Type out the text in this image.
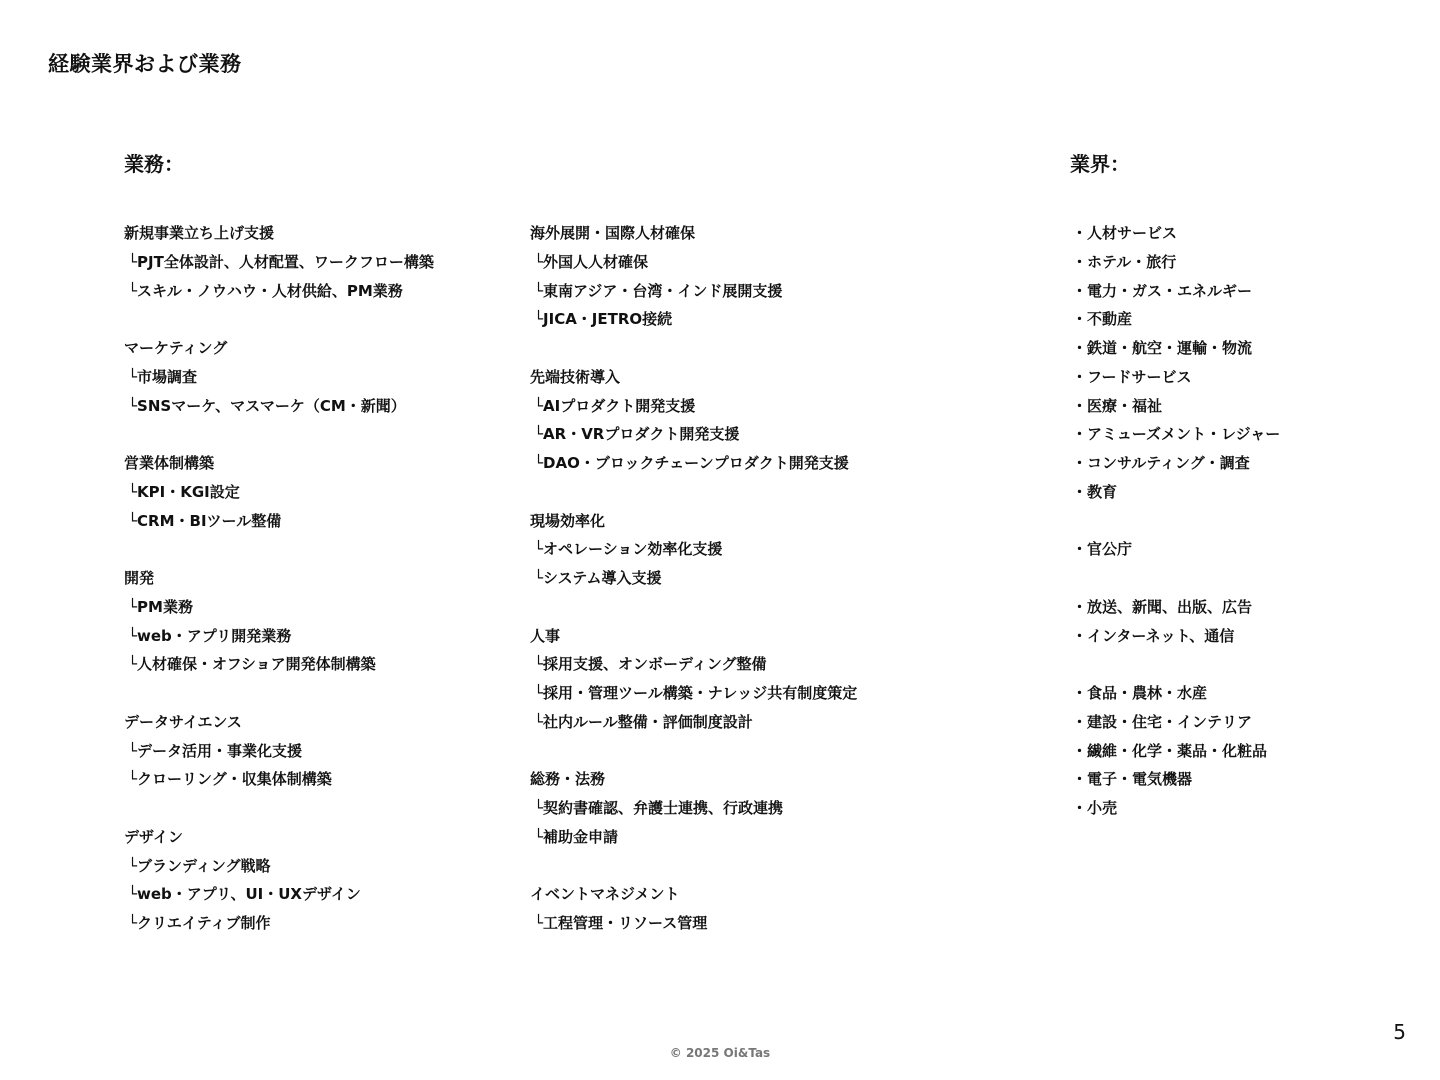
経験業界および業務
業務：	業界：
新規事業立ち上げ支援
└PJT全体設計、人材配置、ワークフロー構築
└スキル・ノウハウ・人材供給、PM業務
マーケティング
└市場調査
└SNSマーケ、マスマーケ（CM・新聞）
営業体制構築
└KPI・KGI設定
└CRM・BIツール整備
開発
└PM業務
└web・アプリ開発業務
└人材確保・オフショア開発体制構築
データサイエンス
└データ活用・事業化支援
└クローリング・収集体制構築
デザイン
└ブランディング戦略
└web・アプリ、UI・UXデザイン
└クリエイティブ制作
海外展開・国際人材確保
└外国人人材確保
└東南アジア・台湾・インド展開支援
└JICA・JETRO接続
先端技術導入
└AIプロダクト開発支援
└AR・VRプロダクト開発支援
└DAO・ブロックチェーンプロダクト開発支援
現場効率化
└オペレーション効率化支援
└システム導入支援
人事
└採用支援、オンボーディング整備
└採用・管理ツール構築・ナレッジ共有制度策定
└社内ルール整備・評価制度設計
総務・法務
└契約書確認、弁護士連携、行政連携
└補助金申請
イベントマネジメント
└工程管理・リソース管理
・人材サービス
・ホテル・旅行
・電力・ガス・エネルギー
・不動産
・鉄道・航空・運輸・物流
・フードサービス
・医療・福祉
・アミューズメント・レジャー
・コンサルティング・調査
・教育
・官公庁
・放送、新聞、出版、広告
・インターネット、通信
・食品・農林・水産
・建設・住宅・インテリア
・繊維・化学・薬品・化粧品
・電子・電気機器
・小売
© 2025 Oi&Tas
5
